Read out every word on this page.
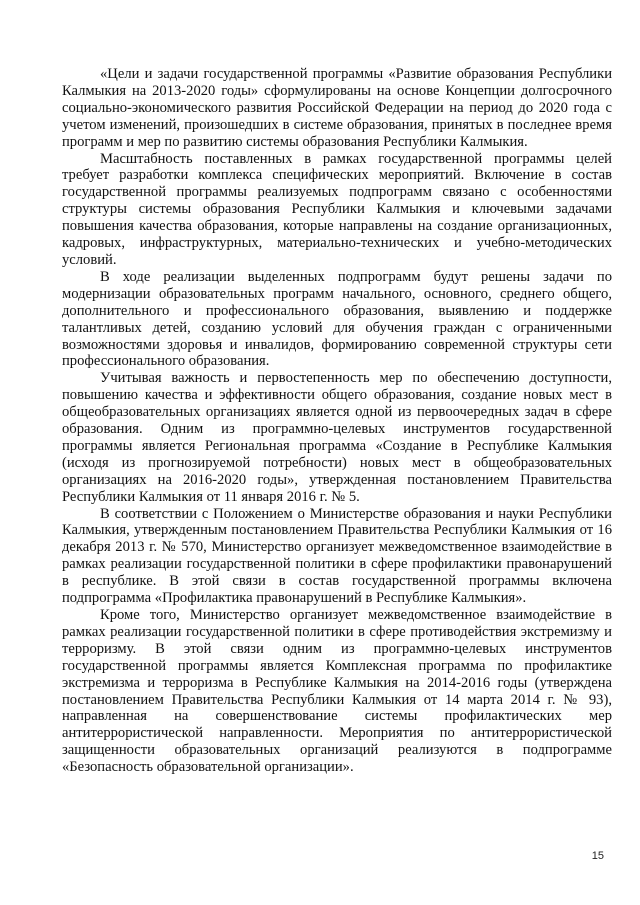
«Цели и задачи государственной программы «Развитие образования Республики Калмыкия на 2013-2020 годы» сформулированы на основе Концепции долгосрочного социально-экономического развития Российской Федерации на период до 2020 года с учетом изменений, произошедших в системе образования, принятых в последнее время программ и мер по развитию системы образования Республики Калмыкия.

Масштабность поставленных в рамках государственной программы целей требует разработки комплекса специфических мероприятий. Включение в состав государственной программы реализуемых подпрограмм связано с особенностями структуры системы образования Республики Калмыкия и ключевыми задачами повышения качества образования, которые направлены на создание организационных, кадровых, инфраструктурных, материально-технических и учебно-методических условий.

В ходе реализации выделенных подпрограмм будут решены задачи по модернизации образовательных программ начального, основного, среднего общего, дополнительного и профессионального образования, выявлению и поддержке талантливых детей, созданию условий для обучения граждан с ограниченными возможностями здоровья и инвалидов, формированию современной структуры сети профессионального образования.

Учитывая важность и первостепенность мер по обеспечению доступности, повышению качества и эффективности общего образования, создание новых мест в общеобразовательных организациях является одной из первоочередных задач в сфере образования. Одним из программно-целевых инструментов государственной программы является Региональная программа «Создание в Республике Калмыкия (исходя из прогнозируемой потребности) новых мест в общеобразовательных организациях на 2016-2020 годы», утвержденная постановлением Правительства Республики Калмыкия от 11 января 2016 г. № 5.

В соответствии с Положением о Министерстве образования и науки Республики Калмыкия, утвержденным постановлением Правительства Республики Калмыкия от 16 декабря 2013 г. № 570, Министерство организует межведомственное взаимодействие в рамках реализации государственной политики в сфере профилактики правонарушений в республике. В этой связи в состав государственной программы включена подпрограмма «Профилактика правонарушений в Республике Калмыкия».

Кроме того, Министерство организует межведомственное взаимодействие в рамках реализации государственной политики в сфере противодействия экстремизму и терроризму. В этой связи одним из программно-целевых инструментов государственной программы является Комплексная программа по профилактике экстремизма и терроризма в Республике Калмыкия на 2014-2016 годы (утверждена постановлением Правительства Республики Калмыкия от 14 марта 2014 г. № 93), направленная на совершенствование системы профилактических мер антитеррористической направленности. Мероприятия по антитеррористической защищенности образовательных организаций реализуются в подпрограмме «Безопасность образовательной организации».

15
